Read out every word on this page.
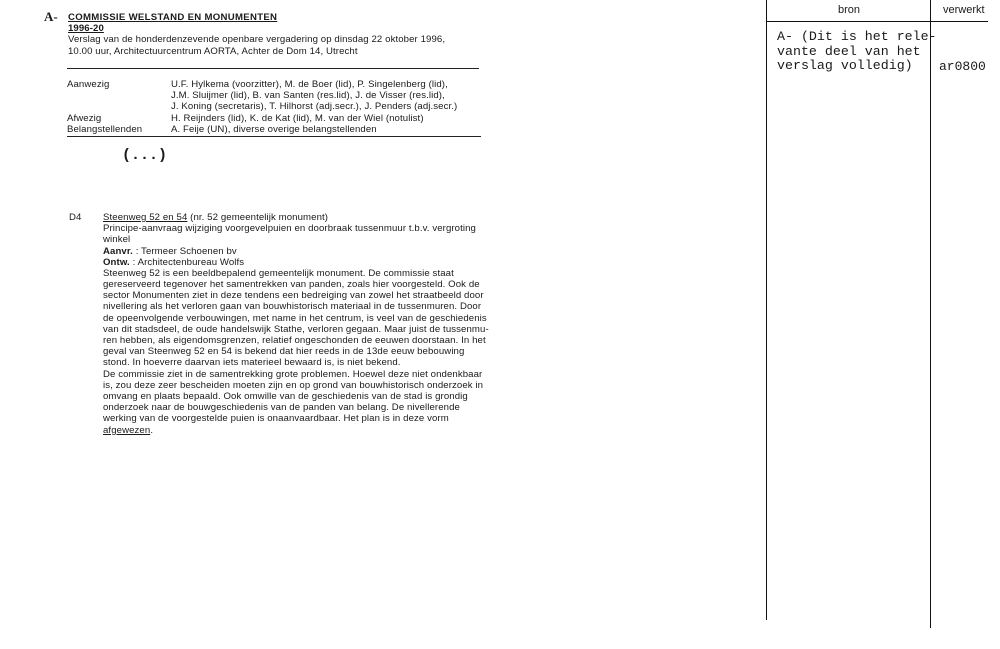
A- COMMISSIE WELSTAND EN MONUMENTEN
1996-20
Verslag van de honderdenzevende openbare vergadering op dinsdag 22 oktober 1996,
10.00 uur, Architectuurcentrum AORTA, Achter de Dom 14, Utrecht
Aanwezig	U.F. Hylkema (voorzitter), M. de Boer (lid), P. Singelenberg (lid),
J.M. Sluijmer (lid), B. van Santen (res.lid), J. de Visser (res.lid),
J. Koning (secretaris), T. Hilhorst (adj.secr.), J. Penders (adj.secr.)
Afwezig	H. Reijnders (lid), K. de Kat (lid), M. van der Wiel (notulist)
Belangstellenden	A. Feije (UN), diverse overige belangstellenden
(...)
D4 Steenweg 52 en 54 (nr. 52 gemeentelijk monument)
Principe-aanvraag wijziging voorgevelpuien en doorbraak tussenmuur t.b.v. vergroting
winkel
Aanvr. : Termeer Schoenen bv
Ontw. : Architectenbureau Wolfs
Steenweg 52 is een beeldbepalend gemeentelijk monument. De commissie staat
gereserveerd tegenover het samentrekken van panden, zoals hier voorgesteld. Ook de
sector Monumenten ziet in deze tendens een bedreiging van zowel het straatbeeld door
nivellering als het verloren gaan van bouwhistorisch materiaal in de tussenmuren. Door
de opeenvolgende verbouwingen, met name in het centrum, is veel van de geschiedenis
van dit stadsdeel, de oude handelswijk Stathe, verloren gegaan. Maar juist de tussenmu-
ren hebben, als eigendomsgrenzen, relatief ongeschonden de eeuwen doorstaan. In het
geval van Steenweg 52 en 54 is bekend dat hier reeds in de 13de eeuw bebouwing
stond. In hoeverre daarvan iets materieel bewaard is, is niet bekend.
De commissie ziet in de samentrekking grote problemen. Hoewel deze niet ondenkbaar
is, zou deze zeer bescheiden moeten zijn en op grond van bouwhistorisch onderzoek in
omvang en plaats bepaald. Ook omwille van de geschiedenis van de stad is grondig
onderzoek naar de bouwgeschiedenis van de panden van belang. De nivellerende
werking van de voorgestelde puien is onaanvaardbaar. Het plan is in deze vorm
afgewezen.
bron	verwerkt
A- (Dit is het rele-
vante deel van het
verslag volledig)	ar0800
